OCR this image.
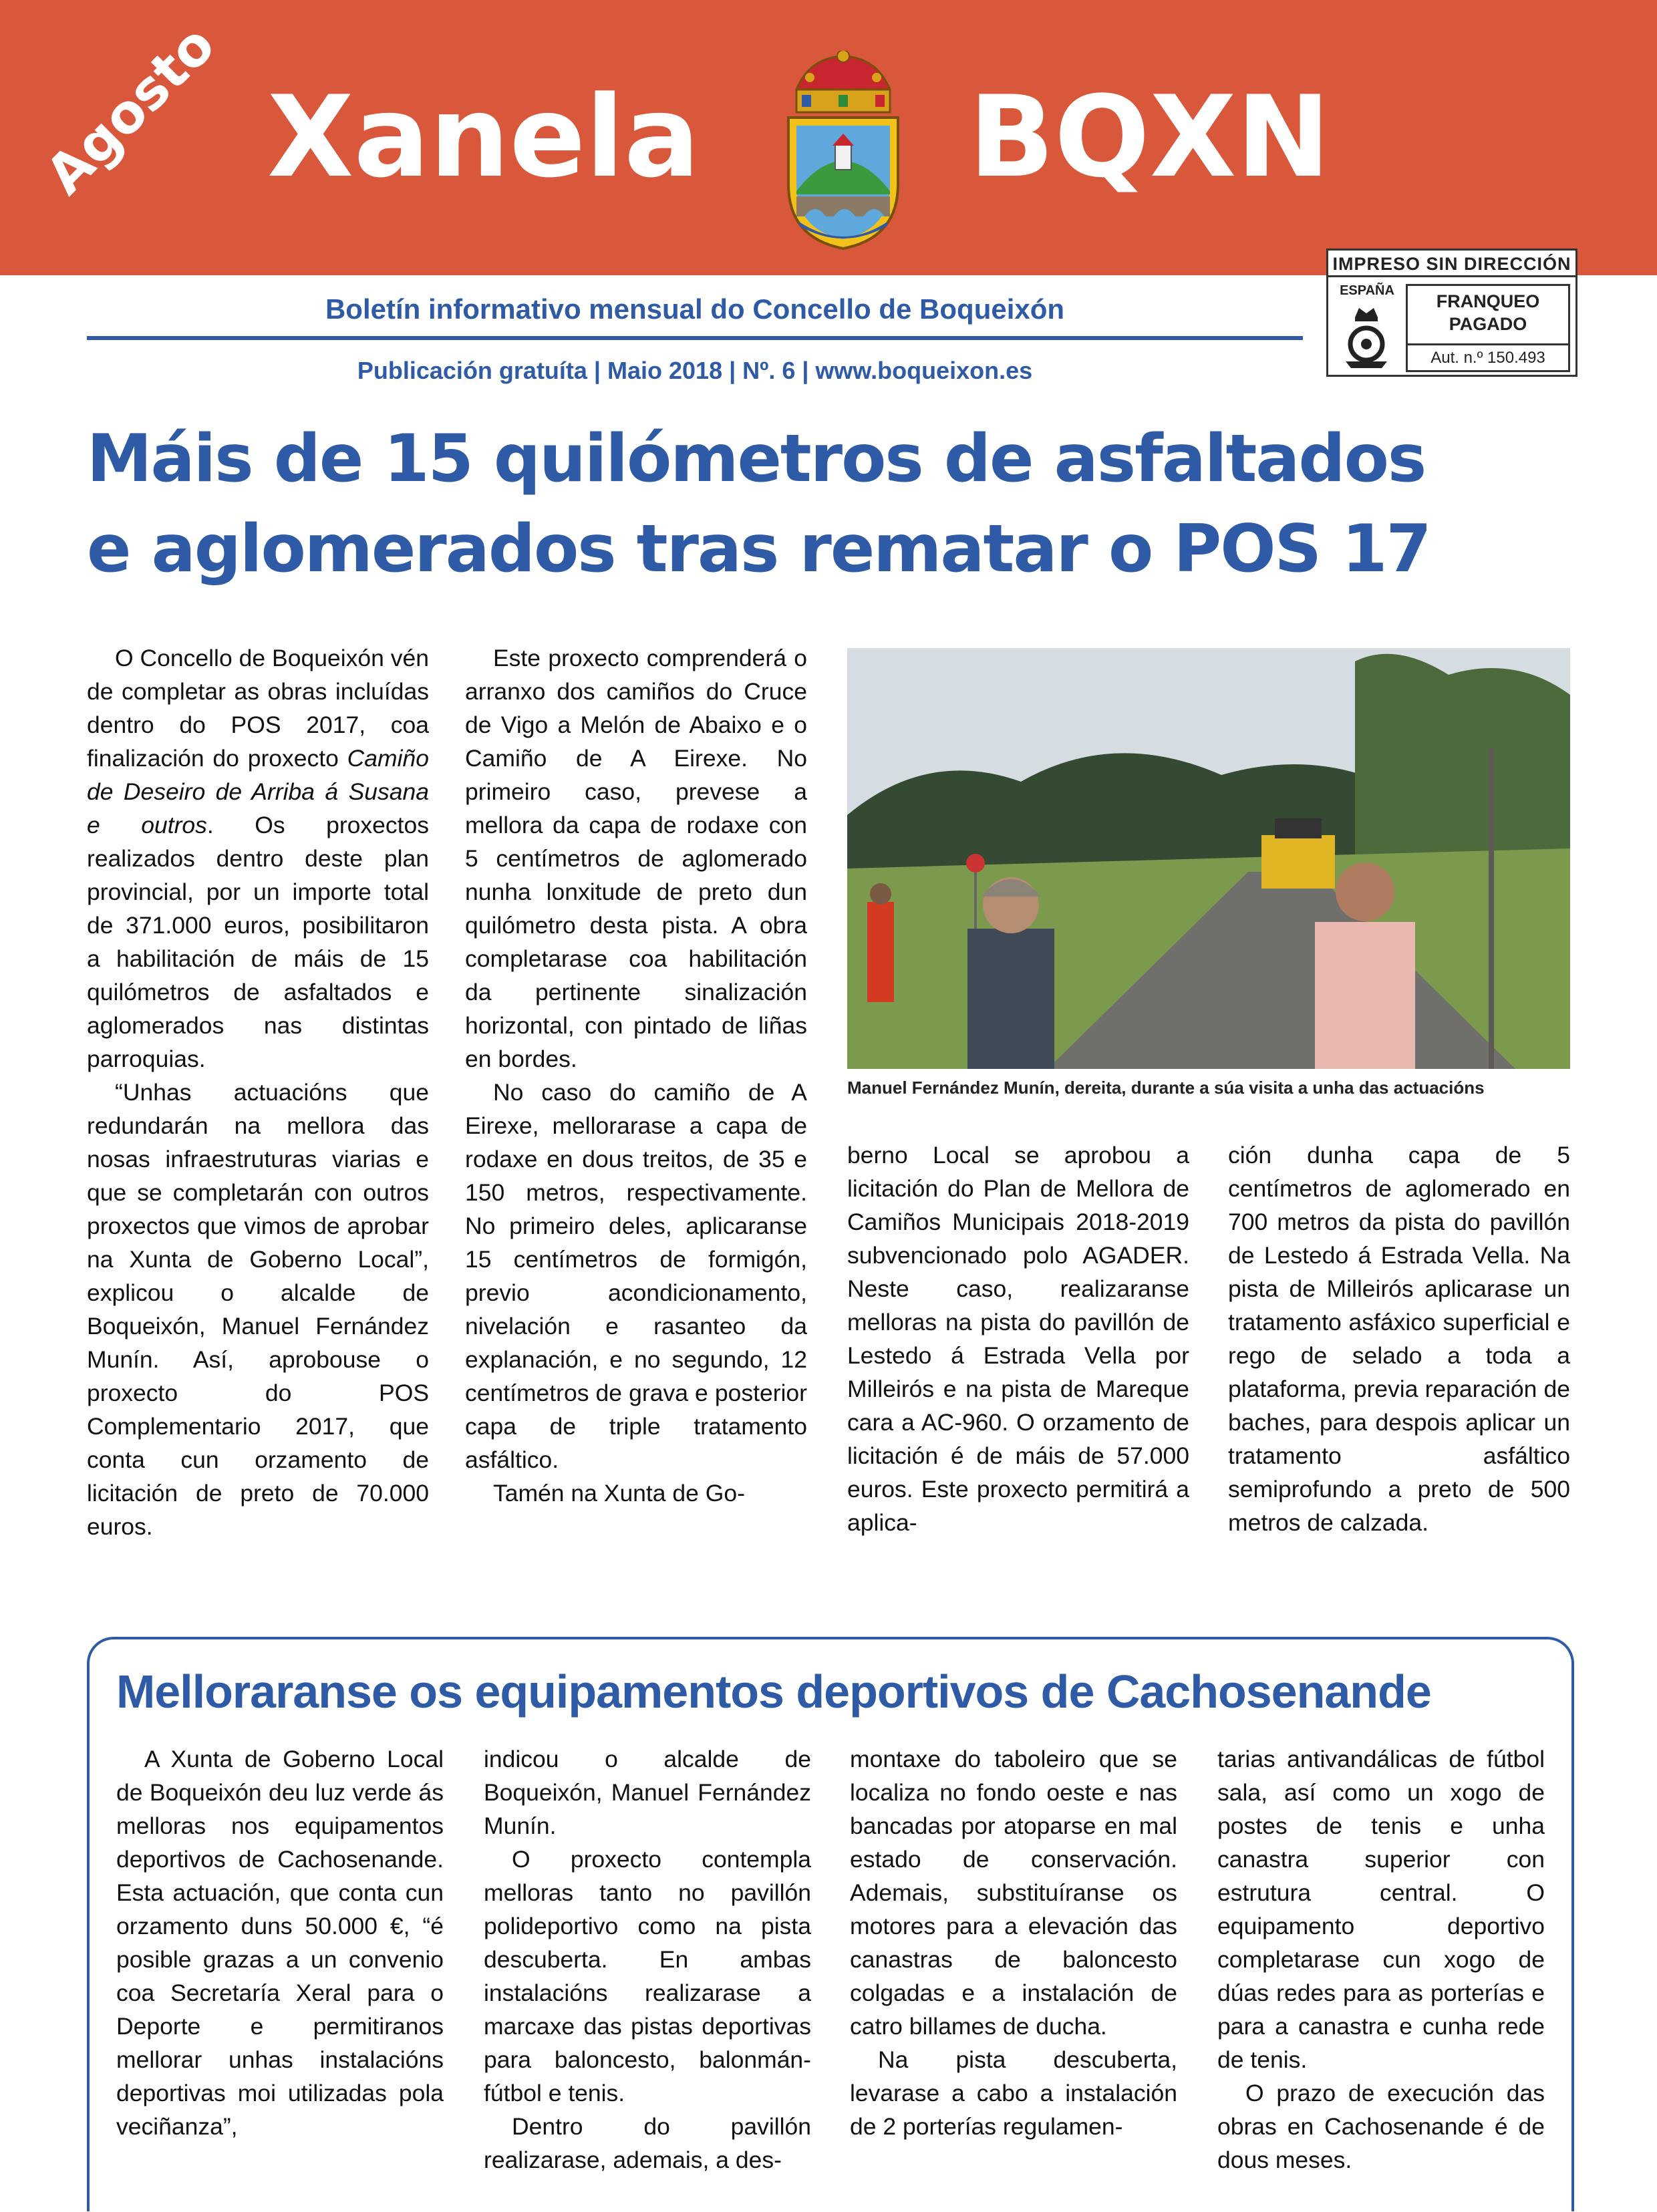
Agosto Xanela BQXN
IMPRESO SIN DIRECCIÓN
ESPAÑA
FRANQUEO
PAGADO
Aut. n.º 150.493
Boletín informativo mensual do Concello de Boqueixón
Publicación gratuíta | Maio 2018 | Nº. 6 | www.boqueixon.es
Máis de 15 quilómetros de asfaltados
e aglomerados tras rematar o POS 17

O Concello de Boqueixón vén de completar as obras incluídas dentro do POS 2017, coa finalización do proxecto Camiño de Deseiro de Arriba á Susana e outros. Os proxectos realizados dentro deste plan provincial, por un importe total de 371.000 euros, posibilitaron a habilitación de máis de 15 quilómetros de asfaltados e aglomerados nas distintas parroquias.

“Unhas actuacións que redundarán na mellora das nosas infraestruturas viarias e que se completarán con outros proxectos que vimos de aprobar na Xunta de Goberno Local”, explicou o alcalde de Boqueixón, Manuel Fernández Munín. Así, aprobouse o proxecto do POS Complementario 2017, que conta cun orzamento de licitación de preto de 70.000 euros.

Este proxecto comprenderá o arranxo dos camiños do Cruce de Vigo a Melón de Abaixo e o Camiño de A Eirexe. No primeiro caso, prevese a mellora da capa de rodaxe con 5 centímetros de aglomerado nunha lonxitude de preto dun quilómetro desta pista. A obra completarase coa habilitación da pertinente sinalización horizontal, con pintado de liñas en bordes.

No caso do camiño de A Eirexe, mellorarase a capa de rodaxe en dous treitos, de 35 e 150 metros, respectivamente. No primeiro deles, aplicaranse 15 centímetros de formigón, previo acondicionamento, nivelación e rasanteo da explanación, e no segundo, 12 centímetros de grava e posterior capa de triple tratamento asfáltico.

Tamén na Xunta de Go-

Manuel Fernández Munín, dereita, durante a súa visita a unha das actuacións

berno Local se aprobou a licitación do Plan de Mellora de Camiños Municipais 2018-2019 subvencionado polo AGADER. Neste caso, realizaranse melloras na pista do pavillón de Lestedo á Estrada Vella por Milleirós e na pista de Mareque cara a AC-960. O orzamento de licitación é de máis de 57.000 euros. Este proxecto permitirá a aplica-

ción dunha capa de 5 centímetros de aglomerado en 700 metros da pista do pavillón de Lestedo á Estrada Vella. Na pista de Milleirós aplicarase un tratamento asfáxico superficial e rego de selado a toda a plataforma, previa reparación de baches, para despois aplicar un tratamento asfáltico semiprofundo a preto de 500 metros de calzada.

Melloraranse os equipamentos deportivos de Cachosenande

A Xunta de Goberno Local de Boqueixón deu luz verde ás melloras nos equipamentos deportivos de Cachosenande. Esta actuación, que conta cun orzamento duns 50.000 €, “é posible grazas a un convenio coa Secretaría Xeral para o Deporte e permitiranos mellorar unhas instalacións deportivas moi utilizadas pola veciñanza”,

indicou o alcalde de Boqueixón, Manuel Fernández Munín.

O proxecto contempla melloras tanto no pavillón polideportivo como na pista descuberta. En ambas instalacións realizarase a marcaxe das pistas deportivas para baloncesto, balonmán-fútbol e tenis.

Dentro do pavillón realizarase, ademais, a des-

montaxe do taboleiro que se localiza no fondo oeste e nas bancadas por atoparse en mal estado de conservación. Ademais, substituíranse os motores para a elevación das canastras de baloncesto colgadas e a instalación de catro billames de ducha.

Na pista descuberta, levarase a cabo a instalación de 2 porterías regulamen-

tarias antivandálicas de fútbol sala, así como un xogo de postes de tenis e unha canastra superior con estrutura central. O equipamento deportivo completarase cun xogo de dúas redes para as porterías e para a canastra e cunha rede de tenis.

O prazo de execución das obras en Cachosenande é de dous meses.
